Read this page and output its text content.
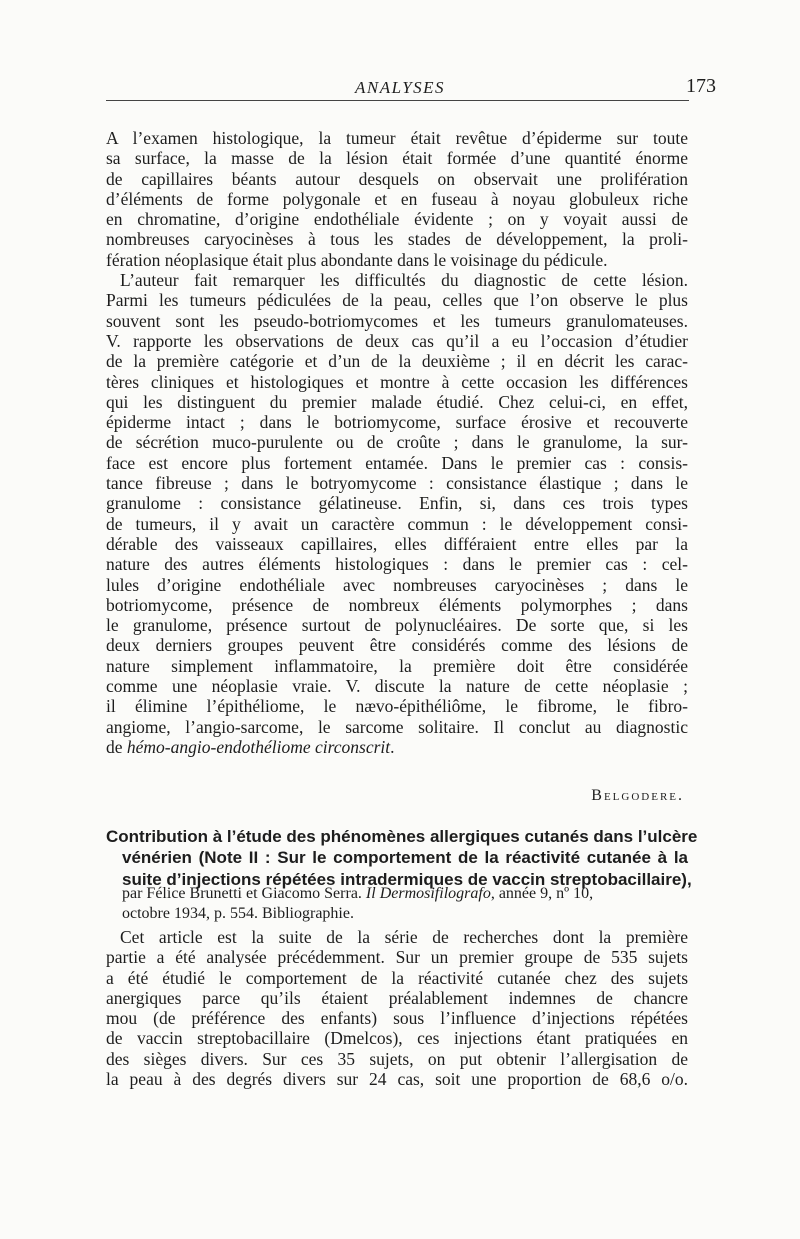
ANALYSES	173
A l’examen histologique, la tumeur était revêtue d’épiderme sur toute
sa surface, la masse de la lésion était formée d’une quantité énorme
de capillaires béants autour desquels on observait une prolifération
d’éléments de forme polygonale et en fuseau à noyau globuleux riche
en chromatine, d’origine endothéliale évidente ; on y voyait aussi de
nombreuses caryocinèses à tous les stades de développement, la proli-
fération néoplasique était plus abondante dans le voisinage du pédicule.
L’auteur fait remarquer les difficultés du diagnostic de cette lésion.
Parmi les tumeurs pédiculées de la peau, celles que l’on observe le plus
souvent sont les pseudo-botriomycomes et les tumeurs granulomateuses.
V. rapporte les observations de deux cas qu’il a eu l’occasion d’étudier
de la première catégorie et d’un de la deuxième ; il en décrit les carac-
tères cliniques et histologiques et montre à cette occasion les différences
qui les distinguent du premier malade étudié. Chez celui-ci, en effet,
épiderme intact ; dans le botriomycome, surface érosive et recouverte
de sécrétion muco-purulente ou de croûte ; dans le granulome, la sur-
face est encore plus fortement entamée. Dans le premier cas : consis-
tance fibreuse ; dans le botryomycome : consistance élastique ; dans le
granulome : consistance gélatineuse. Enfin, si, dans ces trois types
de tumeurs, il y avait un caractère commun : le développement consi-
dérable des vaisseaux capillaires, elles différaient entre elles par la
nature des autres éléments histologiques : dans le premier cas : cel-
lules d’origine endothéliale avec nombreuses caryocinèses ; dans le
botriomycome, présence de nombreux éléments polymorphes ; dans
le granulome, présence surtout de polynucléaires. De sorte que, si les
deux derniers groupes peuvent être considérés comme des lésions de
nature simplement inflammatoire, la première doit être considérée
comme une néoplasie vraie. V. discute la nature de cette néoplasie ;
il élimine l’épithéliome, le nævo-épithéliôme, le fibrome, le fibro-
angiome, l’angio-sarcome, le sarcome solitaire. Il conclut au diagnostic
de hémo-angio-endothéliome circonscrit.
Belgodere.
Contribution à l’étude des phénomènes allergiques cutanés dans l’ulcère
vénérien (Note II : Sur le comportement de la réactivité cutanée à la
suite d’injections répétées intradermiques de vaccin streptobacillaire),
par Félice Brunetti et Giacomo Serra. Il Dermosifilografo, année 9, nº 10,
octobre 1934, p. 554. Bibliographie.
Cet article est la suite de la série de recherches dont la première
partie a été analysée précédemment. Sur un premier groupe de 535 sujets
a été étudié le comportement de la réactivité cutanée chez des sujets
anergiques parce qu’ils étaient préalablement indemnes de chancre
mou (de préférence des enfants) sous l’influence d’injections répétées
de vaccin streptobacillaire (Dmelcos), ces injections étant pratiquées en
des sièges divers. Sur ces 35 sujets, on put obtenir l’allergisation de
la peau à des degrés divers sur 24 cas, soit une proportion de 68,6 o/o.
